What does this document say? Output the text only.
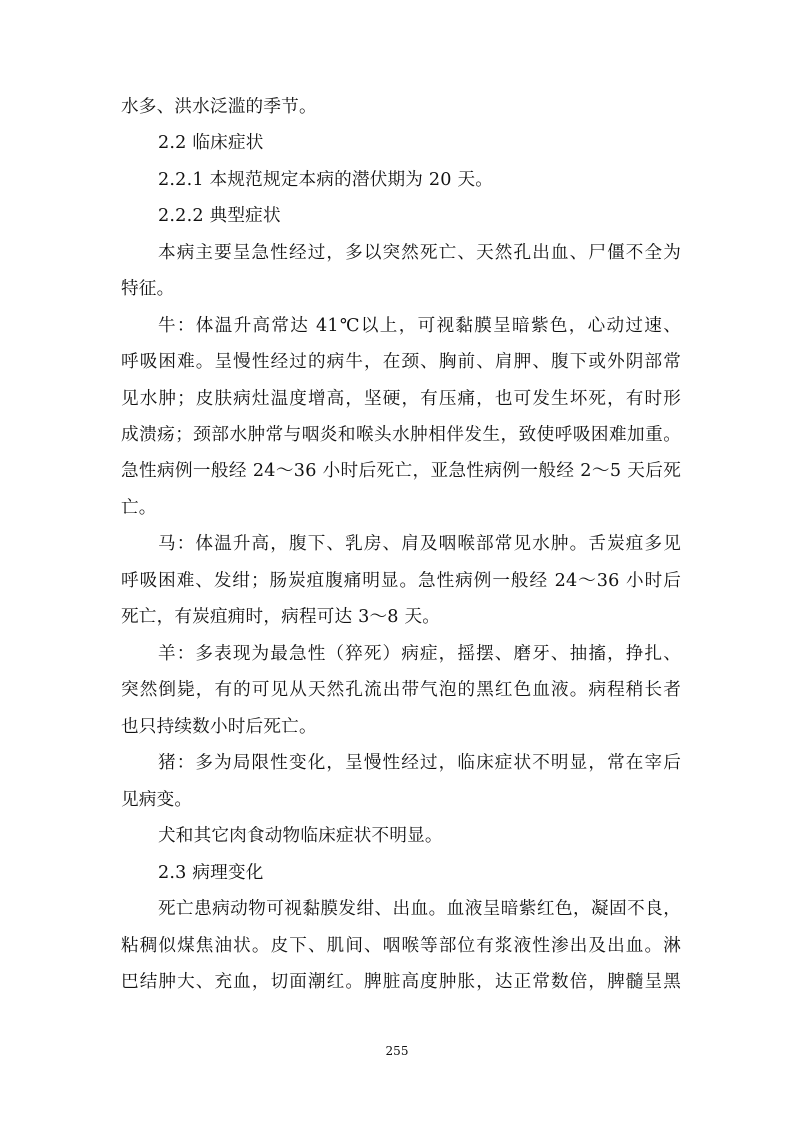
水多、洪水泛滥的季节。
2.2 临床症状
2.2.1 本规范规定本病的潜伏期为 20 天。
2.2.2 典型症状
本病主要呈急性经过，多以突然死亡、天然孔出血、尸僵不全为
特征。
牛：体温升高常达 41℃以上，可视黏膜呈暗紫色，心动过速、
呼吸困难。呈慢性经过的病牛，在颈、胸前、肩胛、腹下或外阴部常
见水肿；皮肤病灶温度增高，坚硬，有压痛，也可发生坏死，有时形
成溃疡；颈部水肿常与咽炎和喉头水肿相伴发生，致使呼吸困难加重。
急性病例一般经 24～36 小时后死亡，亚急性病例一般经 2～5 天后死
亡。
马：体温升高，腹下、乳房、肩及咽喉部常见水肿。舌炭疽多见
呼吸困难、发绀；肠炭疽腹痛明显。急性病例一般经 24～36 小时后
死亡，有炭疽痈时，病程可达 3～8 天。
羊：多表现为最急性（猝死）病症，摇摆、磨牙、抽搐，挣扎、
突然倒毙，有的可见从天然孔流出带气泡的黑红色血液。病程稍长者
也只持续数小时后死亡。
猪：多为局限性变化，呈慢性经过，临床症状不明显，常在宰后
见病变。
犬和其它肉食动物临床症状不明显。
2.3 病理变化
死亡患病动物可视黏膜发绀、出血。血液呈暗紫红色，凝固不良，
粘稠似煤焦油状。皮下、肌间、咽喉等部位有浆液性渗出及出血。淋
巴结肿大、充血，切面潮红。脾脏高度肿胀，达正常数倍，脾髓呈黑
255
